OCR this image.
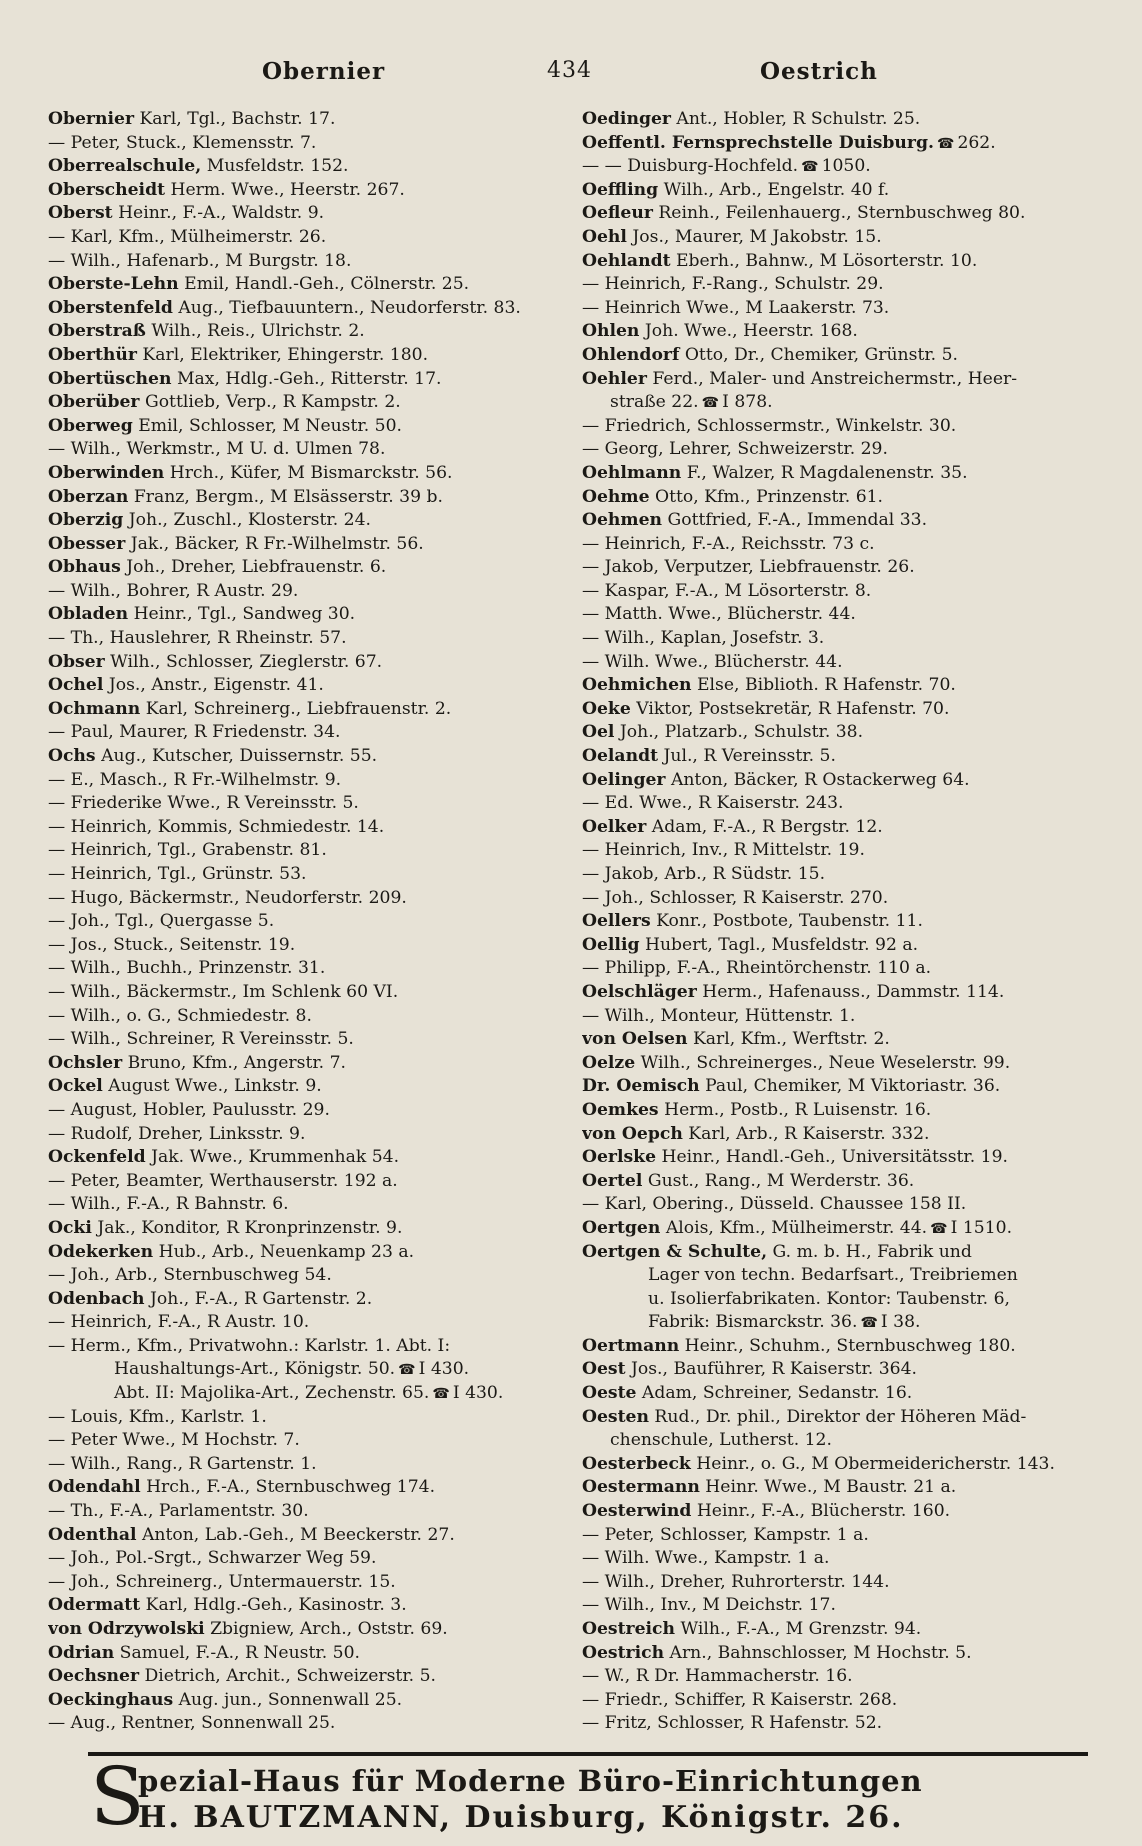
Obernier	434	Oestrich
Obernier Karl, Tgl., Bachstr. 17.
— Peter, Stuck., Klemensstr. 7.
Oberrealschule, Musfeldstr. 152.
Oberscheidt Herm. Wwe., Heerstr. 267.
Oberst Heinr., F.-A., Waldstr. 9.
— Karl, Kfm., Mülheimerstr. 26.
— Wilh., Hafenarb., M Burgstr. 18.
Oberste-Lehn Emil, Handl.-Geh., Cölnerstr. 25.
Oberstenfeld Aug., Tiefbauuntern., Neudorferstr. 83.
Oberstraß Wilh., Reis., Ulrichstr. 2.
Oberthür Karl, Elektriker, Ehingerstr. 180.
Obertüschen Max, Hdlg.-Geh., Ritterstr. 17.
Oberüber Gottlieb, Verp., R Kampstr. 2.
Oberweg Emil, Schlosser, M Neustr. 50.
— Wilh., Werkmstr., M U. d. Ulmen 78.
Oberwinden Hrch., Küfer, M Bismarckstr. 56.
Oberzan Franz, Bergm., M Elsässerstr. 39 b.
Oberzig Joh., Zuschl., Klosterstr. 24.
Obesser Jak., Bäcker, R Fr.-Wilhelmstr. 56.
Obhaus Joh., Dreher, Liebfrauenstr. 6.
— Wilh., Bohrer, R Austr. 29.
Obladen Heinr., Tgl., Sandweg 30.
— Th., Hauslehrer, R Rheinstr. 57.
Obser Wilh., Schlosser, Zieglerstr. 67.
Ochel Jos., Anstr., Eigenstr. 41.
Ochmann Karl, Schreinerg., Liebfrauenstr. 2.
— Paul, Maurer, R Friedenstr. 34.
Ochs Aug., Kutscher, Duissernstr. 55.
— E., Masch., R Fr.-Wilhelmstr. 9.
— Friederike Wwe., R Vereinsstr. 5.
— Heinrich, Kommis, Schmiedestr. 14.
— Heinrich, Tgl., Grabenstr. 81.
— Heinrich, Tgl., Grünstr. 53.
— Hugo, Bäckermstr., Neudorferstr. 209.
— Joh., Tgl., Quergasse 5.
— Jos., Stuck., Seitenstr. 19.
— Wilh., Buchh., Prinzenstr. 31.
— Wilh., Bäckermstr., Im Schlenk 60 VI.
— Wilh., o. G., Schmiedestr. 8.
— Wilh., Schreiner, R Vereinsstr. 5.
Ochsler Bruno, Kfm., Angerstr. 7.
Ockel August Wwe., Linkstr. 9.
— August, Hobler, Paulusstr. 29.
— Rudolf, Dreher, Linksstr. 9.
Ockenfeld Jak. Wwe., Krummenhak 54.
— Peter, Beamter, Werthauserstr. 192 a.
— Wilh., F.-A., R Bahnstr. 6.
Ocki Jak., Konditor, R Kronprinzenstr. 9.
Odekerken Hub., Arb., Neuenkamp 23 a.
— Joh., Arb., Sternbuschweg 54.
Odenbach Joh., F.-A., R Gartenstr. 2.
— Heinrich, F.-A., R Austr. 10.
— Herm., Kfm., Privatwohn.: Karlstr. 1. Abt. I:
Haushaltungs-Art., Königstr. 50.☎I 430.
Abt. II: Majolika-Art., Zechenstr. 65.☎I 430.
— Louis, Kfm., Karlstr. 1.
— Peter Wwe., M Hochstr. 7.
— Wilh., Rang., R Gartenstr. 1.
Odendahl Hrch., F.-A., Sternbuschweg 174.
— Th., F.-A., Parlamentstr. 30.
Odenthal Anton, Lab.-Geh., M Beeckerstr. 27.
— Joh., Pol.-Srgt., Schwarzer Weg 59.
— Joh., Schreinerg., Untermauerstr. 15.
Odermatt Karl, Hdlg.-Geh., Kasinostr. 3.
von Odrzywolski Zbigniew, Arch., Oststr. 69.
Odrian Samuel, F.-A., R Neustr. 50.
Oechsner Dietrich, Archit., Schweizerstr. 5.
Oeckinghaus Aug. jun., Sonnenwall 25.
— Aug., Rentner, Sonnenwall 25.
Oedinger Ant., Hobler, R Schulstr. 25.
Oeffentl. Fernsprechstelle Duisburg.☎262.
— — Duisburg-Hochfeld.☎1050.
Oeffling Wilh., Arb., Engelstr. 40 f.
Oefleur Reinh., Feilenhauerg., Sternbuschweg 80.
Oehl Jos., Maurer, M Jakobstr. 15.
Oehlandt Eberh., Bahnw., M Lösorterstr. 10.
— Heinrich, F.-Rang., Schulstr. 29.
— Heinrich Wwe., M Laakerstr. 73.
Ohlen Joh. Wwe., Heerstr. 168.
Ohlendorf Otto, Dr., Chemiker, Grünstr. 5.
Oehler Ferd., Maler- und Anstreichermstr., Heer-
straße 22.☎I 878.
— Friedrich, Schlossermstr., Winkelstr. 30.
— Georg, Lehrer, Schweizerstr. 29.
Oehlmann F., Walzer, R Magdalenenstr. 35.
Oehme Otto, Kfm., Prinzenstr. 61.
Oehmen Gottfried, F.-A., Immendal 33.
— Heinrich, F.-A., Reichsstr. 73 c.
— Jakob, Verputzer, Liebfrauenstr. 26.
— Kaspar, F.-A., M Lösorterstr. 8.
— Matth. Wwe., Blücherstr. 44.
— Wilh., Kaplan, Josefstr. 3.
— Wilh. Wwe., Blücherstr. 44.
Oehmichen Else, Biblioth. R Hafenstr. 70.
Oeke Viktor, Postsekretär, R Hafenstr. 70.
Oel Joh., Platzarb., Schulstr. 38.
Oelandt Jul., R Vereinsstr. 5.
Oelinger Anton, Bäcker, R Ostackerweg 64.
— Ed. Wwe., R Kaiserstr. 243.
Oelker Adam, F.-A., R Bergstr. 12.
— Heinrich, Inv., R Mittelstr. 19.
— Jakob, Arb., R Südstr. 15.
— Joh., Schlosser, R Kaiserstr. 270.
Oellers Konr., Postbote, Taubenstr. 11.
Oellig Hubert, Tagl., Musfeldstr. 92 a.
— Philipp, F.-A., Rheintörchenstr. 110 a.
Oelschläger Herm., Hafenauss., Dammstr. 114.
— Wilh., Monteur, Hüttenstr. 1.
von Oelsen Karl, Kfm., Werftstr. 2.
Oelze Wilh., Schreinerges., Neue Weselerstr. 99.
Dr. Oemisch Paul, Chemiker, M Viktoriastr. 36.
Oemkes Herm., Postb., R Luisenstr. 16.
von Oepch Karl, Arb., R Kaiserstr. 332.
Oerlske Heinr., Handl.-Geh., Universitätsstr. 19.
Oertel Gust., Rang., M Werderstr. 36.
— Karl, Obering., Düsseld. Chaussee 158 II.
Oertgen Alois, Kfm., Mülheimerstr. 44.☎I 1510.
Oertgen & Schulte, G. m. b. H., Fabrik und
Lager von techn. Bedarfsart., Treibriemen
u. Isolierfabrikaten. Kontor: Taubenstr. 6,
Fabrik: Bismarckstr. 36.☎I 38.
Oertmann Heinr., Schuhm., Sternbuschweg 180.
Oest Jos., Bauführer, R Kaiserstr. 364.
Oeste Adam, Schreiner, Sedanstr. 16.
Oesten Rud., Dr. phil., Direktor der Höheren Mäd-
chenschule, Lutherst. 12.
Oesterbeck Heinr., o. G., M Obermeidericherstr. 143.
Oestermann Heinr. Wwe., M Baustr. 21 a.
Oesterwind Heinr., F.-A., Blücherstr. 160.
— Peter, Schlosser, Kampstr. 1 a.
— Wilh. Wwe., Kampstr. 1 a.
— Wilh., Dreher, Ruhrorterstr. 144.
— Wilh., Inv., M Deichstr. 17.
Oestreich Wilh., F.-A., M Grenzstr. 94.
Oestrich Arn., Bahnschlosser, M Hochstr. 5.
— W., R Dr. Hammacherstr. 16.
— Friedr., Schiffer, R Kaiserstr. 268.
— Fritz, Schlosser, R Hafenstr. 52.
S
pezial-Haus für Moderne Büro-Einrichtungen
H. BAUTZMANN, Duisburg, Königstr. 26.
